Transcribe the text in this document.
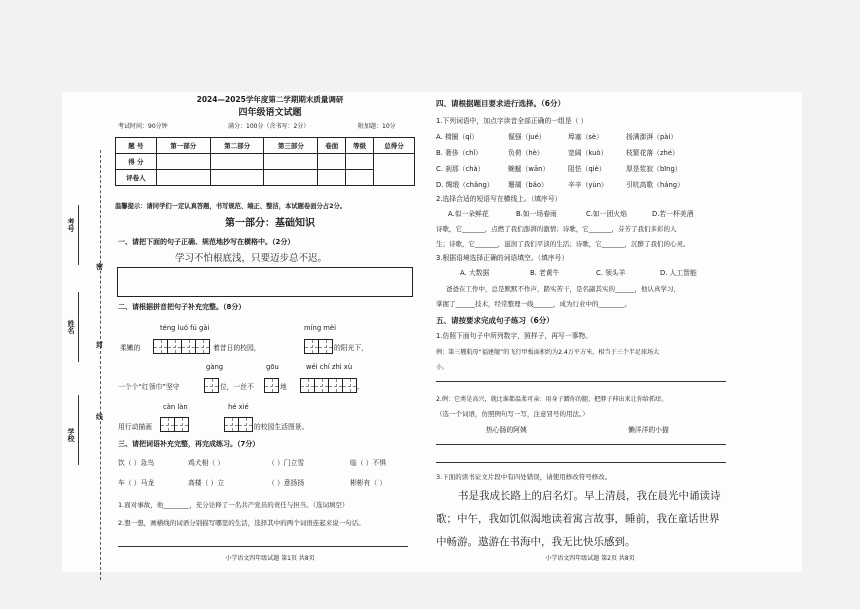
2024—2025学年度第二学期期末质量调研
四年级语文试题
考试时间：90分钟	满分：100分（含书写：2分）	附加题：10分
题 号	第一部分	第二部分	第三部分	卷面	等级	总得分
得 分						
评卷人						
温馨提示：请同学们一定认真答题，书写规范、端正、整洁，本试题卷面分占2分。
考号
密
姓名
封
线
学校
第一部分：基础知识
一、请把下面的句子正确、规范地抄写在横格中。（2分）
学习不怕根底浅，只要迈步总不迟。
二、请根据拼音把句子补充完整。（8分）
téng luó fú gài	míng mèi
柔嫩的	着昔日的校园，	的阳光下，
gàng	gōu	wéi chí zhì xù
一个个“红领巾”坚守	位，一丝不	地	。
càn làn	hé xié
用行动描画	的校园生活图景。
三、请把词语补充完整，再完成练习。（7分）
饮（ ）急鸟	鸡犬相（ ）	（ ）门立雪	临（ ）不惧
车（ ）马龙	高楼（ ）立	（ ）意扬扬	彬彬有（ ）
1.面对事故，他________，充分诠释了一名共产党员的责任与担当。（选词填空）
2.想一想，画横线的词语分别描写哪里的生活，选择其中的两个词语连起来说一句话。
小学语文四年级试题 第1页 共8页
四、请根据题目要求进行选择。（6分）
1.下列词语中，加点字读音全部正确的一组是（ ）
A. 椅圈（qí）	倔强（jué）	埠塞（sè）	扬满澎湃（pài）
B. 奢侈（chǐ）	负荷（hè）	宽阔（kuò）	枝繁花落（zhé）
C. 刹那（chà）	蜿蜒（wān）	阻怯（qiè）	厚是浆寂（bīng）
D. 绸缎（chǎng） 珊瑚（bǎo）	辛辛（yùn）	引吭高歌（háng）
2.选择合适的短语写在横线上。（填序号）
A.似一朵鲜花	B.如一场春雨	C.如一团火焰	D.若一杯美酒
诗歌，它_______，点燃了我们澎湃的激情；诗歌，它_______，芬芳了我们多彩的人
生；诗歌，它_______，滋润了我们平淡的生活；诗歌，它_______，沉醉了我们的心灵。
3.根据语境选择正确的词语填空。（填序号）
A. 大数据	B. 老黄牛	C. 领头羊	D. 人工智能
爸爸在工作中，总是默默不作声，踏实苦干，是名副其实的______，他认真学习，
掌握了______技术，经常整理一线______，成为行业中的________。
五、请按要求完成句子练习（6分）
1.仿照下面句子中所列数字，照样子，再写一事物。
例：第三艘航母“福建舰”的飞行甲板面积约为2.4万平方米，相当于三个半足球场大
小。
2.例：它类是高兴，就比谁都温柔可亲：用身子蹭你的腿，把脖子伸出来让你给抓痒。
（选一个词语，仿照例句写一写，注意冒号的用法。）
热心肠的阿姨	懒洋洋的小猫
3.下面的读书证文片段中有四处错误，请使用修改符号修改。
书是我成长路上的启名灯。早上清晨，我在晨光中诵读诗
歌；中午，我如饥似渴地读着寓言故事，睡前，我在童话世界
中畅游。遨游在书海中，我无比快乐感到。
小学语文四年级试题 第2页 共8页
